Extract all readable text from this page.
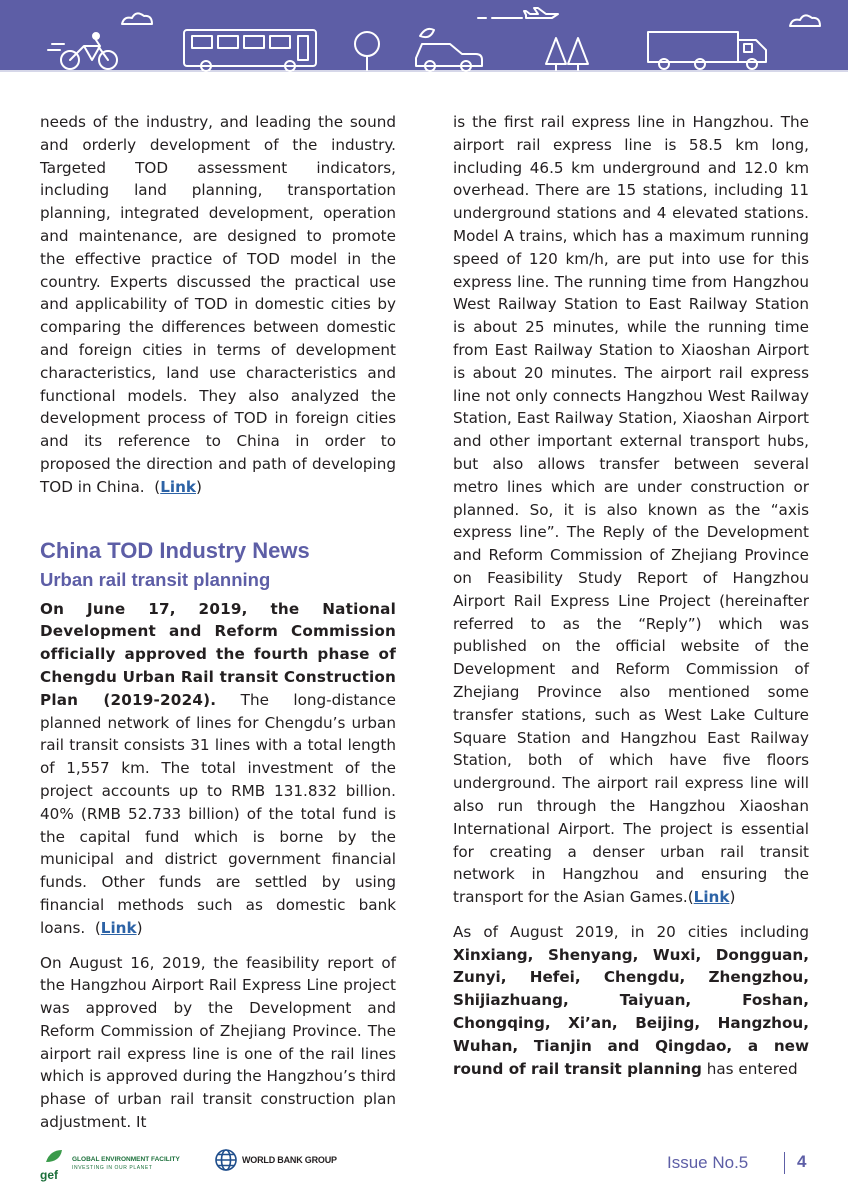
needs of the industry, and leading the sound and orderly development of the industry. Targeted TOD assessment indicators, including land planning, transportation planning, integrated development, operation and maintenance, are designed to promote the effective practice of TOD model in the country. Experts discussed the practical use and applicability of TOD in domestic cities by comparing the differences between domestic and foreign cities in terms of development characteristics, land use characteristics and functional models. They also analyzed the development process of TOD in foreign cities and its reference to China in order to proposed the direction and path of developing TOD in China.  (Link)

China TOD Industry News
Urban rail transit planning

On June 17, 2019, the National Development and Reform Commission officially approved the fourth phase of Chengdu Urban Rail transit Construction Plan (2019-2024). The long-distance planned network of lines for Chengdu’s urban rail transit consists 31 lines with a total length of 1,557 km. The total investment of the project accounts up to RMB 131.832 billion. 40% (RMB 52.733 billion) of the total fund is the capital fund which is borne by the municipal and district government financial funds. Other funds are settled by using financial methods such as domestic bank loans.  (Link)

On August 16, 2019, the feasibility report of the Hangzhou Airport Rail Express Line project was approved by the Development and Reform Commission of Zhejiang Province. The airport rail express line is one of the rail lines which is approved during the Hangzhou’s third phase of urban rail transit construction plan adjustment. It

is the first rail express line in Hangzhou. The airport rail express line is 58.5 km long, including 46.5 km underground and 12.0 km overhead. There are 15 stations, including 11 underground stations and 4 elevated stations. Model A trains, which has a maximum running speed of 120 km/h, are put into use for this express line. The running time from Hangzhou West Railway Station to East Railway Station is about 25 minutes, while the running time from East Railway Station to Xiaoshan Airport is about 20 minutes. The airport rail express line not only connects Hangzhou West Railway Station, East Railway Station, Xiaoshan Airport and other important external transport hubs, but also allows transfer between several metro lines which are under construction or planned. So, it is also known as the “axis express line”. The Reply of the Development and Reform Commission of Zhejiang Province on Feasibility Study Report of Hangzhou Airport Rail Express Line Project (hereinafter referred to as the “Reply”) which was published on the official website of the Development and Reform Commission of Zhejiang Province also mentioned some transfer stations, such as West Lake Culture Square Station and Hangzhou East Railway Station, both of which have five floors underground. The airport rail express line will also run through the Hangzhou Xiaoshan International Airport. The project is essential for creating a denser urban rail transit network in Hangzhou and ensuring the transport for the Asian Games.(Link)

As of August 2019, in 20 cities including Xinxiang, Shenyang, Wuxi, Dongguan, Zunyi, Hefei, Chengdu, Zhengzhou, Shijiazhuang, Taiyuan, Foshan, Chongqing, Xi’an, Beijing, Hangzhou, Wuhan, Tianjin and Qingdao, a new round of rail transit planning has entered

gef
GLOBAL ENVIRONMENT FACILITY
INVESTING IN OUR PLANET
WORLD BANK GROUP	Issue No.5	4
